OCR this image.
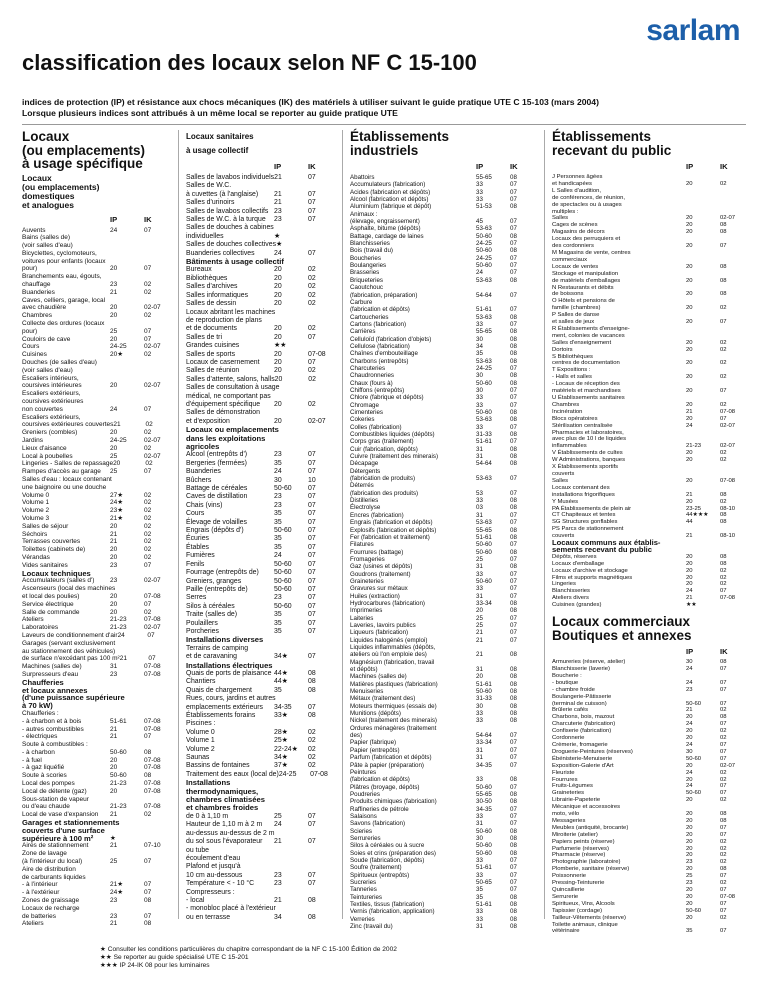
sarlam
classification des locaux selon NF C 15-100
indices de protection (IP) et résistance aux chocs mécaniques (IK) des matériels à utiliser suivant le guide pratique UTE C 15-103 (mars 2004)
Lorsque plusieurs indices sont attribués à un même local se reporter au guide pratique UTE
Locaux
(ou emplacements)
à usage spécifique
Locaux
(ou emplacements)
domestiques
et analogues
IP	IK
Auvents	24	07
Bains (salles de)
(voir salles d'eau)
Bicyclettes, cyclomoteurs,
voitures pour enfants (locaux
pour)	20	07
Branchements eau, égouts,
chauffage	23	02
Buanderies	21	02
Caves, celliers, garage, local
avec chaudière	20	02-07
Chambres	20	02
Collecte des ordures (locaux
pour)	25	07
Couloirs de cave	20	07
Cours	24-25	02-07
Cuisines	20★	02
Douches (de salles d'eau)
(voir salles d'eau)
Escaliers intérieurs,
coursives intérieures	20	02-07
Escaliers extérieurs,
coursives extérieures
non couvertes	24	07
Escaliers extérieurs,
coursives extérieures couvertes 21	02
Greniers (combles)	20	02
Jardins	24-25	02-07
Lieux d'aisance	20	02
Local à poubelles	25	02-07
Lingeries - Salles de repassage 20	02
Rampes d'accès au garage	25	07
Salles d'eau : locaux contenant
une baignoire ou une douche
Volume 0	27★	02
Volume 1	24★	02
Volume 2	23★	02
Volume 3	21★	02
Salles de séjour	20	02
Séchoirs	21	02
Terrasses couvertes	21	02
Toilettes (cabinets de)	20	02
Vérandas	20	02
Vides sanitaires	23	07
Locaux techniques
Accumulateurs (salles d')	23	02-07
Ascenseurs (local des machines
et local des poulies)	20	07-08
Service électrique	20	07
Salle de commande	20	02
Ateliers	21-23	07-08
Laboratoires	21-23	02-07
Laveurs de conditionnement d'air 24	07
Garages (servant exclusivement
au stationnement des véhicules)
de surface n'excédant pas 100 m² 21	07
Machines (salles de)	31	07-08
Surpresseurs d'eau	23	07-08
Chaufferies
et locaux annexes
(d'une puissance supérieure
à 70 kW)
Chaufferies :
- à charbon et à bois	51-61	07-08
- autres combustibles	21	07-08
- électriques	21	07
Soute à combustibles :
- à charbon	50-60	08
- à fuel	20	07-08
- à gaz liquéfié	20	07-08
Soute à scories	50-60	08
Local des pompes	21-23	07-08
Local de détente (gaz)	20	07-08
Sous-station de vapeur
ou d'eau chaude	21-23	07-08
Local de vase d'expansion	21	02
Garages et stationnements
couverts d'une surface
supérieure à 100 m²	★
Aires de stationnement	21	07-10
Zone de lavage
(à l'intérieur du local)	25	07
Aire de distribution
de carburants liquides
- à l'intérieur	21★	07
- à l'extérieur	24★	07
Zones de graissage	23	08
Locaux de recharge
de batteries	23	07
Ateliers	21	08
Locaux sanitaires
à usage collectif
IP	IK
Salles de lavabos individuels 21	07
Salles de W.C.
à cuvettes (à l'anglaise)	21	07
Salles d'urinoirs	21	07
Salles de lavabos collectifs 23	07
Salles de W.C. à la turque	23	07
Salles de douches à cabines
individuelles	★
Salles de douches collectives ★
Buanderies collectives	24	07
Bâtiments à usage collectif
Bureaux	20	02
Bibliothèques	20	02
Salles d'archives	20	02
Salles informatiques	20	02
Salles de dessin	20	02
Locaux abritant les machines
de reproduction de plans
et de documents	20	02
Salles de tri	20	07
Grandes cuisines	★★
Salles de sports	20	07-08
Locaux de casernement	20	07
Salles de réunion	20	02
Salles d'attente, salons, halls 20	02
Salles de consultation à usage
médical, ne comportant pas
d'équipement spécifique	20	02
Salles de démonstration
et d'exposition	20	02-07
Locaux ou emplacements
dans les exploitations
agricoles
Alcool (entrepôts d')	23	07
Bergeries (fermées)	35	07
Buanderies	24	07
Bûchers	30	10
Battage de céréales	50-60	07
Caves de distillation	23	07
Chais (vins)	23	07
Cours	35	07
Élevage de volailles	35	07
Engrais (dépôts d')	50-60	07
Écuries	35	07
Étables	35	07
Fumières	24	07
Fenils	50-60	07
Fourrage (entrepôts de)	50-60	07
Greniers, granges	50-60	07
Paille (entrepôts de)	50-60	07
Serres	23	07
Silos à céréales	50-60	07
Traite (salles de)	35	07
Poulaillers	35	07
Porcheries	35	07
Installations diverses
Terrains de camping
et de caravaning	34★	07
Installations électriques
Quais de ports de plaisance 44★	08
Chantiers	44★	08
Quais de chargement	35	08
Rues, cours, jardins et autres
emplacements extérieurs	34-35	07
Établissements forains	33★	08
Piscines :
Volume 0	28★	02
Volume 1	25★	02
Volume 2	22-24★	02
Saunas	34★	02
Bassins de fontaines	37★	02
Traitement des eaux (local de) 24-25	07-08
Installations
thermodynamiques,
chambres climatisées
et chambres froides
de 0 à 1,10 m	25	07
Hauteur de 1,10 m à 2 m	24	07
au-dessus au-dessus de 2 m
du sol sous l'évaporateur	21	07
ou tube
écoulement d'eau
Plafond et jusqu'à
10 cm au-dessous	23	07
Température < - 10 °C	23	07
Compresseurs :
- local	21	08
- monobloc placé à l'extérieur
ou en terrasse	34	08
Établissements
industriels
IP	IK
Abattoirs	55-65	08
Accumulateurs (fabrication)	33	07
Acides (fabrication et dépôts)	33	07
Alcool (fabrication et dépôts)	33	07
Aluminium (fabrique et dépôt)	51-53	08
Animaux :
(élevage, engraissement)	45	07
Asphalte, bitume (dépôts)	53-63	07
Battage, cardage de laines	50-60	08
Blanchisseries	24-25	07
Bois (travail du)	50-60	08
Boucheries	24-25	07
Boulangeries	50-60	07
Brasseries	24	07
Briqueteries	53-63	08
Caoutchouc
(fabrication, préparation)	54-64	07
Carbure
(fabrication et dépôts)	51-61	07
Cartoucheries	53-63	08
Cartons (fabrication)	33	07
Carrières	55-65	08
Celluloïd (fabrication d'objets)	30	08
Cellulose (fabrication)	34	08
Chaînes d'embouteillage	35	08
Charbons (entrepôts)	53-63	08
Charcuteries	24-25	07
Chaudronneries	30	08
Chaux (fours à)	50-60	08
Chiffons (entrepôts)	30	07
Chlore (fabrique et dépôts)	33	07
Chromage	33	07
Cimenteries	50-60	08
Cokeries	53-63	08
Colles (fabrication)	33	07
Combustibles liquides (dépôts)	31-33	08
Corps gras (traitement)	51-61	07
Cuir (fabrication, dépôts)	31	08
Cuivre (traitement des minerais)	31	08
Décapage	54-64	08
Détergents
(fabrication de produits)	53-63	07
Déterrés
(fabrication des produits)	53	07
Distilleries	33	08
Électrolyse	03	08
Encres (fabrication)	31	07
Engrais (fabrication et dépôts)	53-63	07
Explosifs (fabrication et dépôts)	55-65	08
Fer (fabrication et traitement)	51-61	08
Filatures	50-60	07
Fourrures (battage)	50-60	08
Fromageries	25	07
Gaz (usines et dépôts)	31	08
Goudrons (traitement)	33	07
Graineteries	50-60	07
Gravures sur métaux	33	07
Huiles (extraction)	31	07
Hydrocarbures (fabrication)	33-34	08
Imprimeries	20	08
Laiteries	25	07
Laveries, lavoirs publics	25	07
Liqueurs (fabrication)	21	07
Liquides halogénés (emploi)	21	07
Liquides inflammables (dépôts,
ateliers où l'on emploie des)	21	08
Magnésium (fabrication, travail
et dépôts)	31	08
Machines (salles de)	20	08
Matières plastiques (fabrication)	51-61	08
Menuiseries	50-60	08
Métaux (traitement des)	31-33	08
Moteurs thermiques (essais de)	30	08
Munitions (dépôts)	33	08
Nickel (traitement des minerais)	33	08
Ordures ménagères (traitement
des)	54-64	07
Papier (fabrique)	33-34	07
Papier (entrepôts)	31	07
Parfum (fabrication et dépôts)	31	07
Pâte à papier (préparation)	34-35	07
Peintures
(fabrication et dépôts)	33	08
Plâtres (broyage, dépôts)	50-60	07
Poudreries	55-65	08
Produits chimiques (fabrication)	30-50	08
Raffineries de pétrole	34-35	07
Salaisons	33	07
Savons (fabrication)	31	07
Scieries	50-60	08
Serrureries	30	08
Silos à céréales ou à sucre	50-60	08
Soies et crins (préparation des)	50-60	08
Soude (fabrication, dépôts)	33	07
Soufre (traitement)	51-61	07
Spiritueux (entrepôts)	33	07
Sucreries	50-65	07
Tanneries	35	07
Teintureries	35	08
Textiles, tissus (fabrication)	51-61	08
Vernis (fabrication, application)	33	08
Verreries	33	08
Zinc (travail du)	31	08
Établissements
recevant du public
IP	IK
J Personnes âgées
et handicapées	20	02
L Salles d'audition,
de conférences, de réunion,
de spectacles ou à usages
multiples :
Salles	20	02-07
Cages de scènes	20	08
Magasins de décors	20	08
Locaux des perruquiers et
des cordonniers	20	07
M Magasins de vente, centres
commerciaux
Locaux de ventes	20	08
Stockage et manipulation
de matériels d'emballages	20	08
N Restaurants et débits
de boissons	20	08
O Hôtels et pensions de
famille (chambres)	20	02
P Salles de danse
et salles de jeux	20	07
R Établissements d'enseigne-
ment, colonies de vacances
Salles d'enseignement	20	02
Dortoirs	20	02
S Bibliothèques
centres de documentation	20	02
T Expositions :
- Halls et salles	20	02
- Locaux de réception des
matériels et marchandises	20	07
U Établissements sanitaires
Chambres	20	02
Incinération	21	07-08
Blocs opératoires	20	07
Stérilisation centralisée	24	02-07
Pharmacies et laboratoires,
avec plus de 10 l de liquides
inflammables	21-23	02-07
V Établissements de cultes	20	02
W Administrations, banques	20	02
X Établissements sportifs
couverts
Salles	20	07-08
Locaux contenant des
installations frigorifiques	21	08
Y Musées	20	02
PA Établissements de plein air	23-25	08-10
CT Chapiteaux et tentes	44★★★	08
SG Structures gonflables	44	08
PS Parcs de stationnement
couverts	21	08-10
Locaux communs aux établis-
sements recevant du public
Dépôts, réserves	20	08
Locaux d'emballage	20	08
Locaux d'archive et stockage	20	02
Films et supports magnétiques	20	02
Lingeries	20	02
Blanchisseries	24	07
Ateliers divers	21	07-08
Cuisines (grandes)	★★
Locaux commerciaux
Boutiques et annexes
IP	IK
Armureries (réserve, atelier)	30	08
Blanchisserie (laverie)	24	07
Boucherie :
- boutique	24	07
- chambre froide	23	07
Boulangerie-Pâtisserie
(terminal de cuisson)	50-60	07
Brûlerie cafés	21	02
Charbons, bois, mazout	20	08
Charcuterie (fabrication)	24	07
Confiserie (fabrication)	20	02
Cordonnerie	20	02
Crèmerie, fromagerie	24	07
Droguerie-Peintures (réserves)	30	07
Ébénisterie-Menuiserie	50-60	07
Exposition-Galerie d'Art	20	02-07
Fleuriste	24	02
Fourrures	20	02
Fruits-Légumes	24	07
Graineteries	50-60	07
Librairie-Papeterie	20	02
Mécanique et accessoires
moto, vélo	20	08
Messageries	20	08
Meubles (antiquité, brocante)	20	07
Miroiterie (atelier)	20	07
Papiers peints (réserve)	20	02
Parfumerie (réserves)	20	02
Pharmacie (réserve)	20	02
Photographie (laboratoire)	23	02
Plomberie, sanitaire (réserve)	20	08
Poissonnerie	25	07
Pressing-Teinturerie	23	02
Quincaillerie	20	07
Serrurerie	20	07-08
Spiritueux, Vins, Alcools	20	07
Tapissier (cordage)	50-60	07
Tailleur-Vêtements (réserve)	20	02
Toilette animaux, clinique
vétérinaire	35	07
★ Consulter les conditions particulières du chapitre correspondant de la NF C 15-100 Édition de 2002
★★ Se reporter au guide spécialisé UTE C 15-201
★★★ IP 24-IK 08 pour les luminaires
